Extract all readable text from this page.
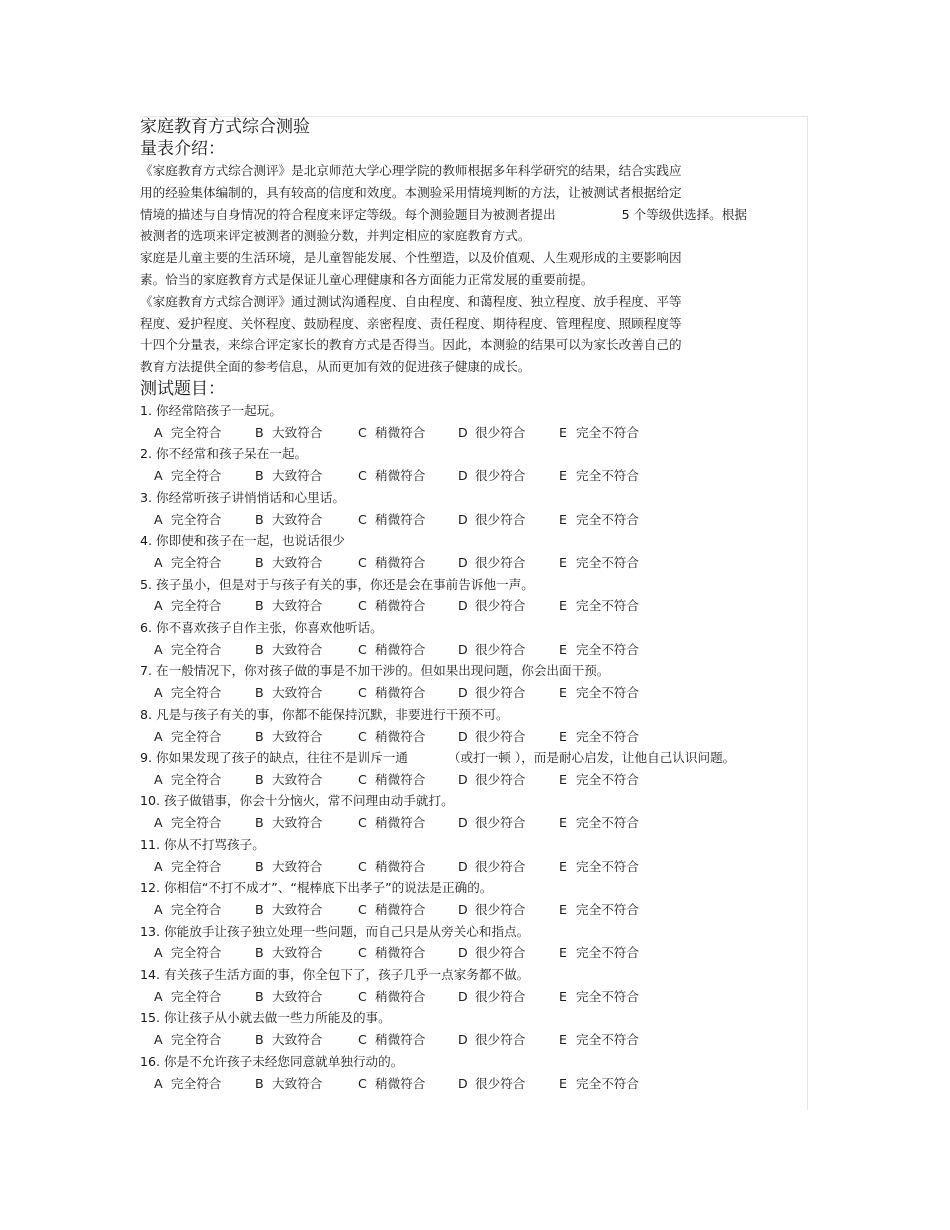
家庭教育方式综合测验
量表介绍：
《家庭教育方式综合测评》是北京师范大学心理学院的教师根据多年科学研究的结果，结合实践应
用的经验集体编制的，具有较高的信度和效度。本测验采用情境判断的方法，让被测试者根据给定
情境的描述与自身情况的符合程度来评定等级。每个测验题目为被测者提出	5 个等级供选择。根据
被测者的选项来评定被测者的测验分数，并判定相应的家庭教育方式。
家庭是儿童主要的生活环境，是儿童智能发展、个性塑造，以及价值观、人生观形成的主要影响因
素。恰当的家庭教育方式是保证儿童心理健康和各方面能力正常发展的重要前提。
《家庭教育方式综合测评》通过测试沟通程度、自由程度、和蔼程度、独立程度、放手程度、平等
程度、爱护程度、关怀程度、鼓励程度、亲密程度、责任程度、期待程度、管理程度、照顾程度等
十四个分量表，来综合评定家长的教育方式是否得当。因此，本测验的结果可以为家长改善自己的
教育方法提供全面的参考信息，从而更加有效的促进孩子健康的成长。
测试题目：
1. 你经常陪孩子一起玩。
A 完全符合	B 大致符合	C 稍微符合	D 很少符合	E 完全不符合
2. 你不经常和孩子呆在一起。
A 完全符合	B 大致符合	C 稍微符合	D 很少符合	E 完全不符合
3. 你经常听孩子讲悄悄话和心里话。
A 完全符合	B 大致符合	C 稍微符合	D 很少符合	E 完全不符合
4. 你即使和孩子在一起，也说话很少
A 完全符合	B 大致符合	C 稍微符合	D 很少符合	E 完全不符合
5. 孩子虽小，但是对于与孩子有关的事，你还是会在事前告诉他一声。
A 完全符合	B 大致符合	C 稍微符合	D 很少符合	E 完全不符合
6. 你不喜欢孩子自作主张，你喜欢他听话。
A 完全符合	B 大致符合	C 稍微符合	D 很少符合	E 完全不符合
7. 在一般情况下，你对孩子做的事是不加干涉的。但如果出现问题，你会出面干预。
A 完全符合	B 大致符合	C 稍微符合	D 很少符合	E 完全不符合
8. 凡是与孩子有关的事，你都不能保持沉默，非要进行干预不可。
A 完全符合	B 大致符合	C 稍微符合	D 很少符合	E 完全不符合
9. 你如果发现了孩子的缺点，往往不是训斥一通	（或打一顿 ），而是耐心启发，让他自己认识问题。
A 完全符合	B 大致符合	C 稍微符合	D 很少符合	E 完全不符合
10. 孩子做错事，你会十分恼火，常不问理由动手就打。
A 完全符合	B 大致符合	C 稍微符合	D 很少符合	E 完全不符合
11. 你从不打骂孩子。
A 完全符合	B 大致符合	C 稍微符合	D 很少符合	E 完全不符合
12. 你相信“不打不成才”、“棍棒底下出孝子”的说法是正确的。
A 完全符合	B 大致符合	C 稍微符合	D 很少符合	E 完全不符合
13. 你能放手让孩子独立处理一些问题，而自己只是从旁关心和指点。
A 完全符合	B 大致符合	C 稍微符合	D 很少符合	E 完全不符合
14. 有关孩子生活方面的事，你全包下了，孩子几乎一点家务都不做。
A 完全符合	B 大致符合	C 稍微符合	D 很少符合	E 完全不符合
15. 你让孩子从小就去做一些力所能及的事。
A 完全符合	B 大致符合	C 稍微符合	D 很少符合	E 完全不符合
16. 你是不允许孩子未经您同意就单独行动的。
A 完全符合	B 大致符合	C 稍微符合	D 很少符合	E 完全不符合
